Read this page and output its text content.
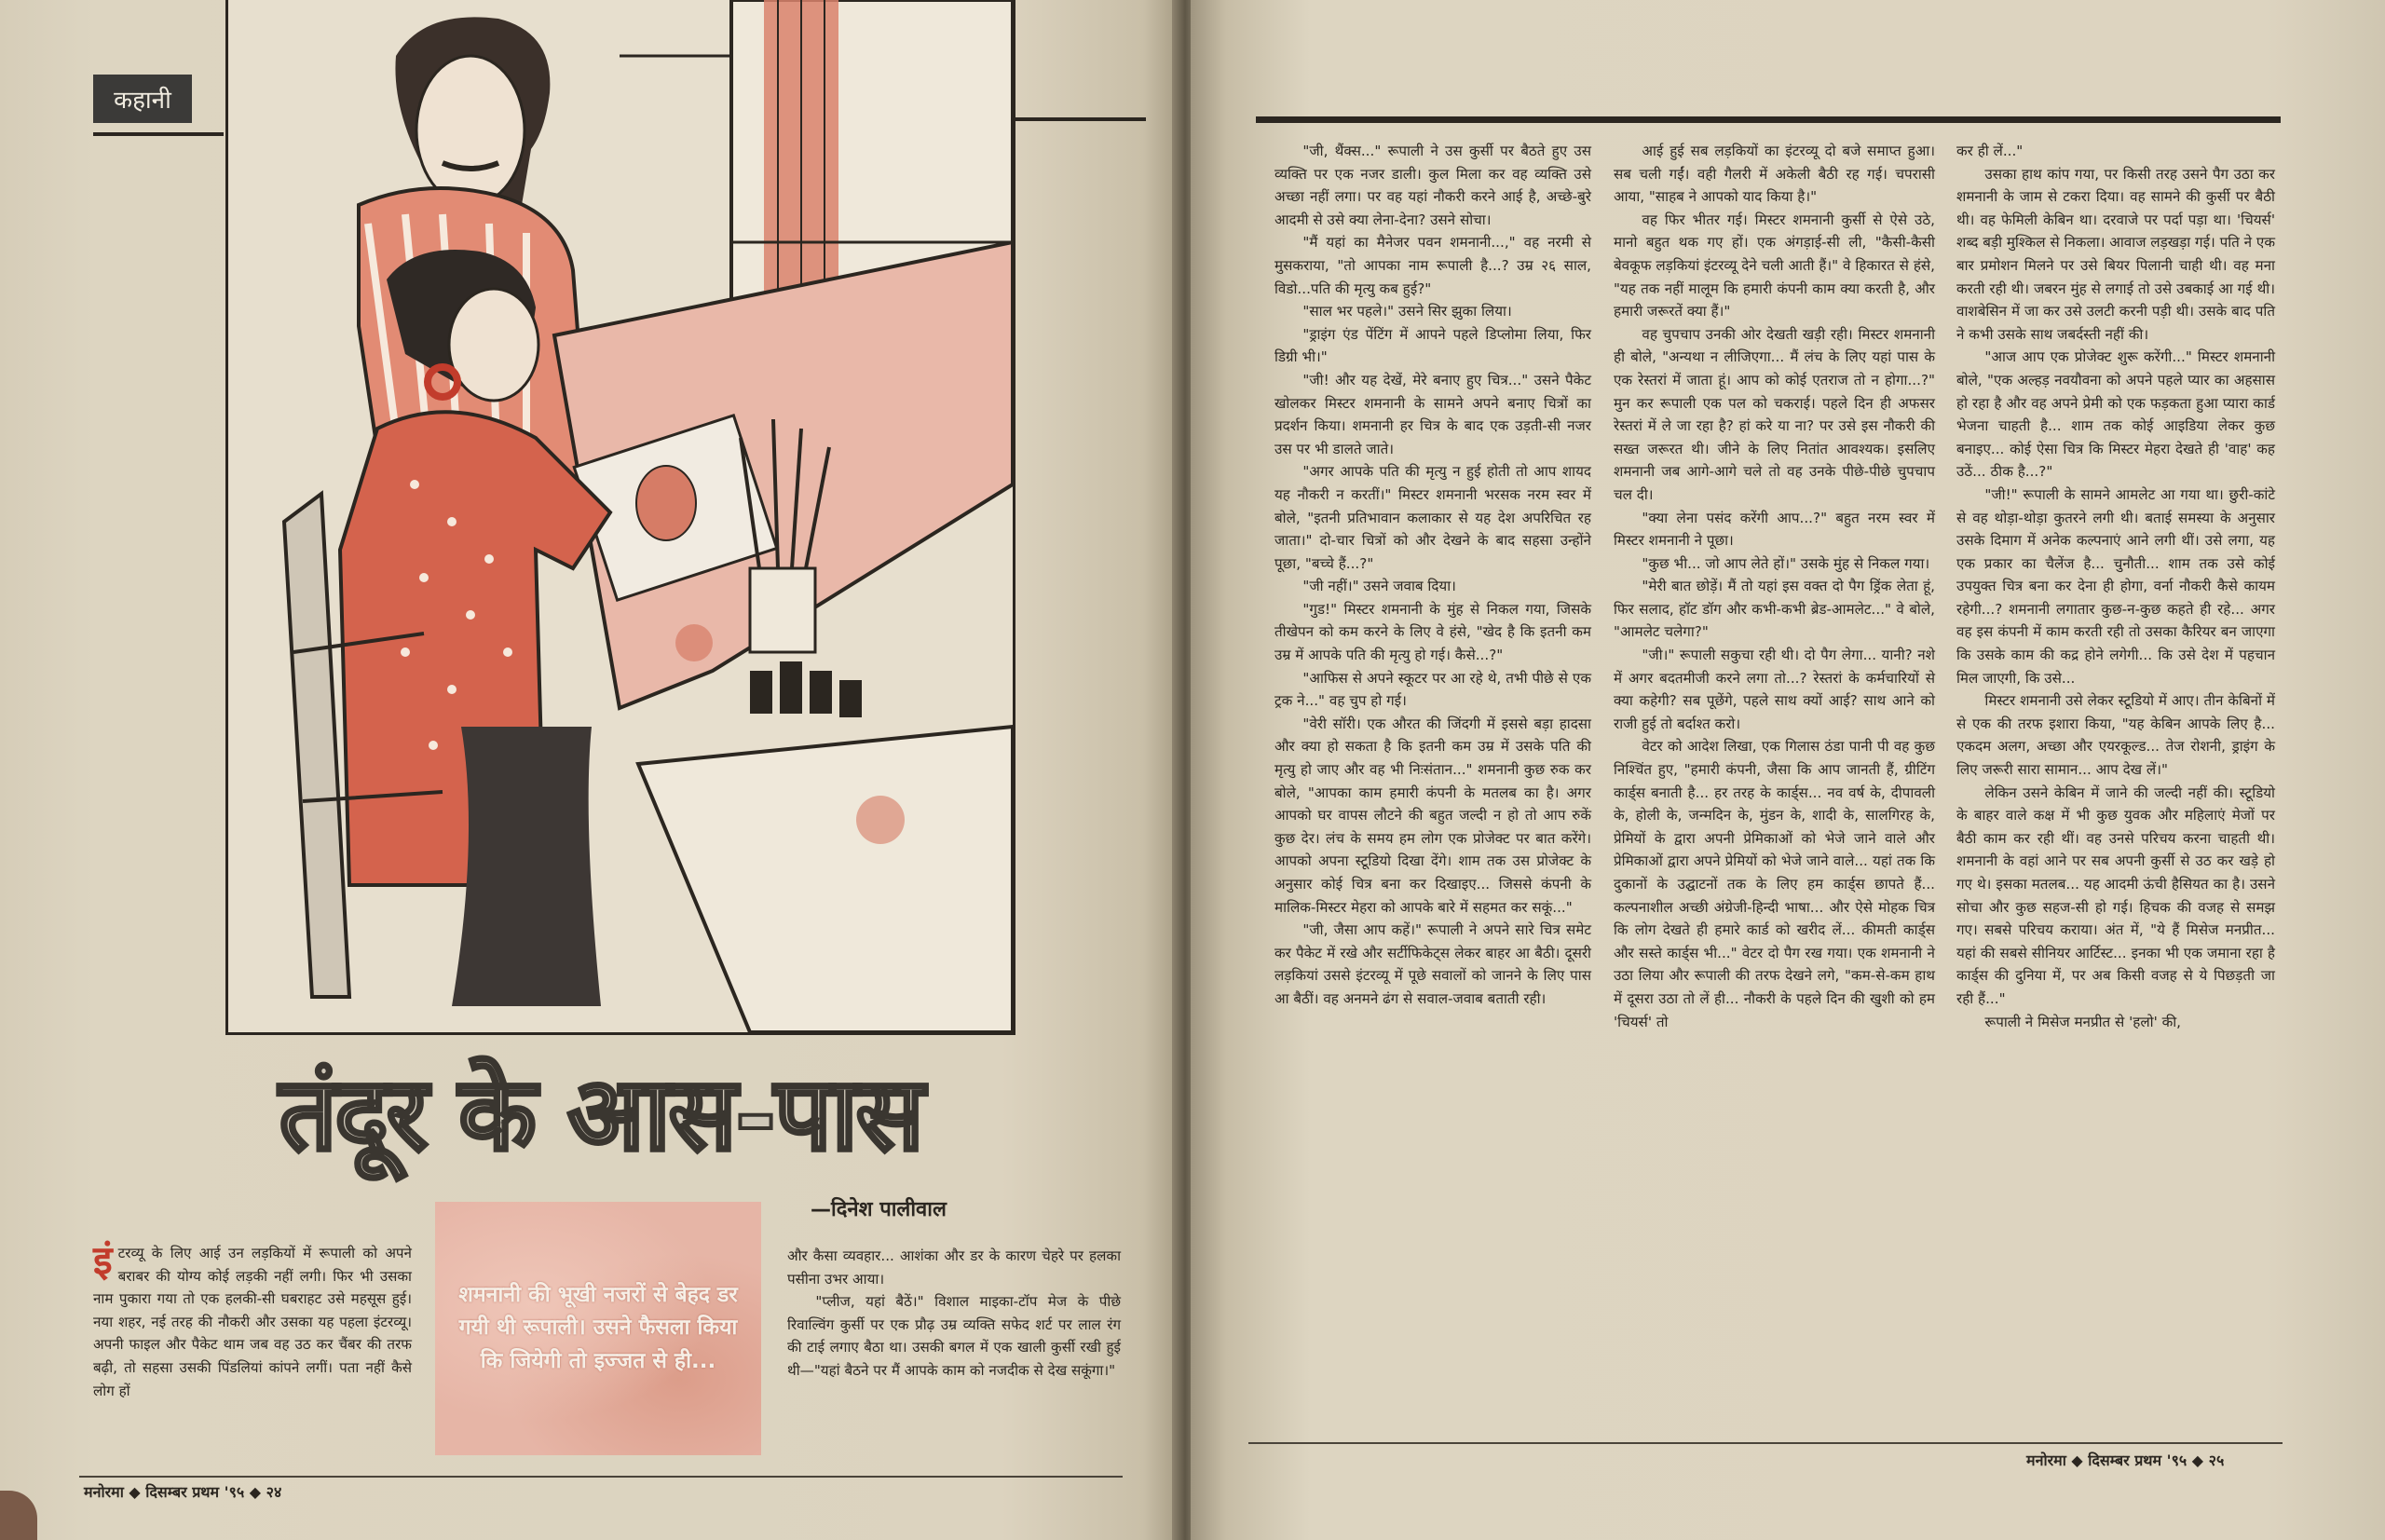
कहानी
तंदूर के आस-पास
—दिनेश पालीवाल

शमनानी की भूखी नजरों से बेहद डर गयी थी रूपाली। उसने फैसला किया कि जियेगी तो इज्जत से ही...

इंटरव्यू के लिए आई उन लड़कियों में रूपाली को अपने बराबर की योग्य कोई लड़की नहीं लगी। फिर भी उसका नाम पुकारा गया तो एक हलकी-सी घबराहट उसे महसूस हुई। नया शहर, नई तरह की नौकरी और उसका यह पहला इंटरव्यू। अपनी फाइल और पैकेट थाम जब वह उठ कर चैंबर की तरफ बढ़ी, तो सहसा उसकी पिंडलियां कांपने लगीं। पता नहीं कैसे लोग हों

और कैसा व्यवहार... आशंका और डर के कारण चेहरे पर हलका पसीना उभर आया।

"प्लीज, यहां बैठें।" विशाल माइका-टॉप मेज के पीछे रिवाल्विंग कुर्सी पर एक प्रौढ़ उम्र व्यक्ति सफेद शर्ट पर लाल रंग की टाई लगाए बैठा था। उसकी बगल में एक खाली कुर्सी रखी हुई थी—"यहां बैठने पर मैं आपके काम को नजदीक से देख सकूंगा।"

मनोरमा ◆ दिसम्बर प्रथम '९५ ◆ २४

"जी, थैंक्स..." रूपाली ने उस कुर्सी पर बैठते हुए उस व्यक्ति पर एक नजर डाली। कुल मिला कर वह व्यक्ति उसे अच्छा नहीं लगा। पर वह यहां नौकरी करने आई है, अच्छे-बुरे आदमी से उसे क्या लेना-देना? उसने सोचा।

"मैं यहां का मैनेजर पवन शमनानी...," वह नरमी से मुसकराया, "तो आपका नाम रूपाली है...? उम्र २६ साल, विडो...पति की मृत्यु कब हुई?"

"साल भर पहले।" उसने सिर झुका लिया।

"ड्राइंग एंड पेंटिंग में आपने पहले डिप्लोमा लिया, फिर डिग्री भी।"

"जी! और यह देखें, मेरे बनाए हुए चित्र..." उसने पैकेट खोलकर मिस्टर शमनानी के सामने अपने बनाए चित्रों का प्रदर्शन किया। शमनानी हर चित्र के बाद एक उड़ती-सी नजर उस पर भी डालते जाते।

"अगर आपके पति की मृत्यु न हुई होती तो आप शायद यह नौकरी न करतीं।" मिस्टर शमनानी भरसक नरम स्वर में बोले, "इतनी प्रतिभावान कलाकार से यह देश अपरिचित रह जाता।" दो-चार चित्रों को और देखने के बाद सहसा उन्होंने पूछा, "बच्चे हैं...?"

"जी नहीं।" उसने जवाब दिया।

"गुड!" मिस्टर शमनानी के मुंह से निकल गया, जिसके तीखेपन को कम करने के लिए वे हंसे, "खेद है कि इतनी कम उम्र में आपके पति की मृत्यु हो गई। कैसे...?"

"आफिस से अपने स्कूटर पर आ रहे थे, तभी पीछे से एक ट्रक ने..." वह चुप हो गई।

"वेरी सॉरी। एक औरत की जिंदगी में इससे बड़ा हादसा और क्या हो सकता है कि इतनी कम उम्र में उसके पति की मृत्यु हो जाए और वह भी निःसंतान..." शमनानी कुछ रुक कर बोले, "आपका काम हमारी कंपनी के मतलब का है। अगर आपको घर वापस लौटने की बहुत जल्दी न हो तो आप रुकें कुछ देर। लंच के समय हम लोग एक प्रोजेक्ट पर बात करेंगे। आपको अपना स्टूडियो दिखा देंगे। शाम तक उस प्रोजेक्ट के अनुसार कोई चित्र बना कर दिखाइए... जिससे कंपनी के मालिक-मिस्टर मेहरा को आपके बारे में सहमत कर सकूं..."

"जी, जैसा आप कहें।" रूपाली ने अपने सारे चित्र समेट कर पैकेट में रखे और सर्टीफिकेट्स लेकर बाहर आ बैठी। दूसरी लड़कियां उससे इंटरव्यू में पूछे सवालों को जानने के लिए पास आ बैठीं। वह अनमने ढंग से सवाल-जवाब बताती रही।

आई हुई सब लड़कियों का इंटरव्यू दो बजे समाप्त हुआ। सब चली गईं। वही गैलरी में अकेली बैठी रह गई। चपरासी आया, "साहब ने आपको याद किया है।"

वह फिर भीतर गई। मिस्टर शमनानी कुर्सी से ऐसे उठे, मानो बहुत थक गए हों। एक अंगड़ाई-सी ली, "कैसी-कैसी बेवकूफ लड़कियां इंटरव्यू देने चली आती हैं।" वे हिकारत से हंसे, "यह तक नहीं मालूम कि हमारी कंपनी काम क्या करती है, और हमारी जरूरतें क्या हैं।"

वह चुपचाप उनकी ओर देखती खड़ी रही। मिस्टर शमनानी ही बोले, "अन्यथा न लीजिएगा... मैं लंच के लिए यहां पास के एक रेस्तरां में जाता हूं। आप को कोई एतराज तो न होगा...?" मुन कर रूपाली एक पल को चकराई। पहले दिन ही अफसर रेस्तरां में ले जा रहा है? हां करे या ना? पर उसे इस नौकरी की सख्त जरूरत थी। जीने के लिए नितांत आवश्यक। इसलिए शमनानी जब आगे-आगे चले तो वह उनके पीछे-पीछे चुपचाप चल दी।

"क्या लेना पसंद करेंगी आप...?" बहुत नरम स्वर में मिस्टर शमनानी ने पूछा।

"कुछ भी... जो आप लेते हों।" उसके मुंह से निकल गया।

"मेरी बात छोड़ें। मैं तो यहां इस वक्त दो पैग ड्रिंक लेता हूं, फिर सलाद, हॉट डॉग और कभी-कभी ब्रेड-आमलेट..." वे बोले, "आमलेट चलेगा?"

"जी।" रूपाली सकुचा रही थी। दो पैग लेगा... यानी? नशे में अगर बदतमीजी करने लगा तो...? रेस्तरां के कर्मचारियों से क्या कहेगी? सब पूछेंगे, पहले साथ क्यों आई? साथ आने को राजी हुई तो बर्दाश्त करो।

वेटर को आदेश लिखा, एक गिलास ठंडा पानी पी वह कुछ निश्चिंत हुए, "हमारी कंपनी, जैसा कि आप जानती हैं, ग्रीटिंग कार्ड्स बनाती है... हर तरह के कार्ड्स... नव वर्ष के, दीपावली के, होली के, जन्मदिन के, मुंडन के, शादी के, सालगिरह के, प्रेमियों के द्वारा अपनी प्रेमिकाओं को भेजे जाने वाले और प्रेमिकाओं द्वारा अपने प्रेमियों को भेजे जाने वाले... यहां तक कि दुकानों के उद्घाटनों तक के लिए हम कार्ड्स छापते हैं... कल्पनाशील अच्छी अंग्रेजी-हिन्दी भाषा... और ऐसे मोहक चित्र कि लोग देखते ही हमारे कार्ड को खरीद लें... कीमती कार्ड्स और सस्ते कार्ड्स भी..." वेटर दो पैग रख गया। एक शमनानी ने उठा लिया और रूपाली की तरफ देखने लगे, "कम-से-कम हाथ में दूसरा उठा तो लें ही... नौकरी के पहले दिन की खुशी को हम 'चियर्स' तो

कर ही लें..."

उसका हाथ कांप गया, पर किसी तरह उसने पैग उठा कर शमनानी के जाम से टकरा दिया। वह सामने की कुर्सी पर बैठी थी। वह फेमिली केबिन था। दरवाजे पर पर्दा पड़ा था। 'चियर्स' शब्द बड़ी मुश्किल से निकला। आवाज लड़खड़ा गई। पति ने एक बार प्रमोशन मिलने पर उसे बियर पिलानी चाही थी। वह मना करती रही थी। जबरन मुंह से लगाई तो उसे उबकाई आ गई थी। वाशबेसिन में जा कर उसे उलटी करनी पड़ी थी। उसके बाद पति ने कभी उसके साथ जबर्दस्ती नहीं की।

"आज आप एक प्रोजेक्ट शुरू करेंगी..." मिस्टर शमनानी बोले, "एक अल्हड़ नवयौवना को अपने पहले प्यार का अहसास हो रहा है और वह अपने प्रेमी को एक फड़कता हुआ प्यारा कार्ड भेजना चाहती है... शाम तक कोई आइडिया लेकर कुछ बनाइए... कोई ऐसा चित्र कि मिस्टर मेहरा देखते ही 'वाह' कह उठें... ठीक है...?"

"जी!" रूपाली के सामने आमलेट आ गया था। छुरी-कांटे से वह थोड़ा-थोड़ा कुतरने लगी थी। बताई समस्या के अनुसार उसके दिमाग में अनेक कल्पनाएं आने लगी थीं। उसे लगा, यह एक प्रकार का चैलेंज है... चुनौती... शाम तक उसे कोई उपयुक्त चित्र बना कर देना ही होगा, वर्ना नौकरी कैसे कायम रहेगी...? शमनानी लगातार कुछ-न-कुछ कहते ही रहे... अगर वह इस कंपनी में काम करती रही तो उसका कैरियर बन जाएगा कि उसके काम की कद्र होने लगेगी... कि उसे देश में पहचान मिल जाएगी, कि उसे...

मिस्टर शमनानी उसे लेकर स्टूडियो में आए। तीन केबिनों में से एक की तरफ इशारा किया, "यह केबिन आपके लिए है... एकदम अलग, अच्छा और एयरकूल्ड... तेज रोशनी, ड्राइंग के लिए जरूरी सारा सामान... आप देख लें।"

लेकिन उसने केबिन में जाने की जल्दी नहीं की। स्टूडियो के बाहर वाले कक्ष में भी कुछ युवक और महिलाएं मेजों पर बैठी काम कर रही थीं। वह उनसे परिचय करना चाहती थी। शमनानी के वहां आने पर सब अपनी कुर्सी से उठ कर खड़े हो गए थे। इसका मतलब... यह आदमी ऊंची हैसियत का है। उसने सोचा और कुछ सहज-सी हो गई। हिचक की वजह से समझ गए। सबसे परिचय कराया। अंत में, "ये हैं मिसेज मनप्रीत... यहां की सबसे सीनियर आर्टिस्ट... इनका भी एक जमाना रहा है कार्ड्स की दुनिया में, पर अब किसी वजह से ये पिछड़ती जा रही हैं..."

रूपाली ने मिसेज मनप्रीत से 'हलो' की,

मनोरमा ◆ दिसम्बर प्रथम '९५ ◆ २५
